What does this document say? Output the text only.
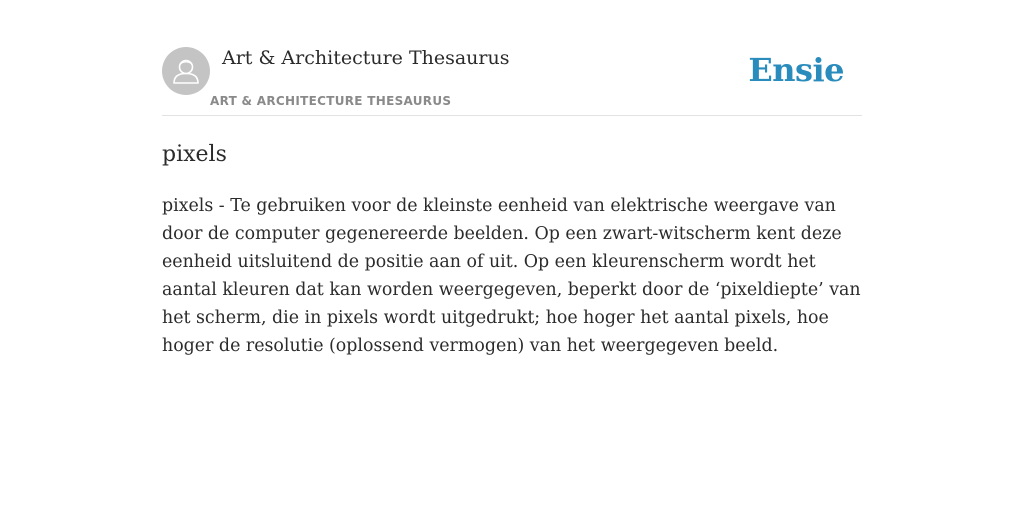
Art & Architecture Thesaurus
ART & ARCHITECTURE THESAURUS
Ensie
pixels

pixels - Te gebruiken voor de kleinste eenheid van elektrische weergave van door de computer gegenereerde beelden. Op een zwart-witscherm kent deze eenheid uitsluitend de positie aan of uit. Op een kleurenscherm wordt het aantal kleuren dat kan worden weergegeven, beperkt door de ‘pixeldiepte’ van het scherm, die in pixels wordt uitgedrukt; hoe hoger het aantal pixels, hoe hoger de resolutie (oplossend vermogen) van het weergegeven beeld.
